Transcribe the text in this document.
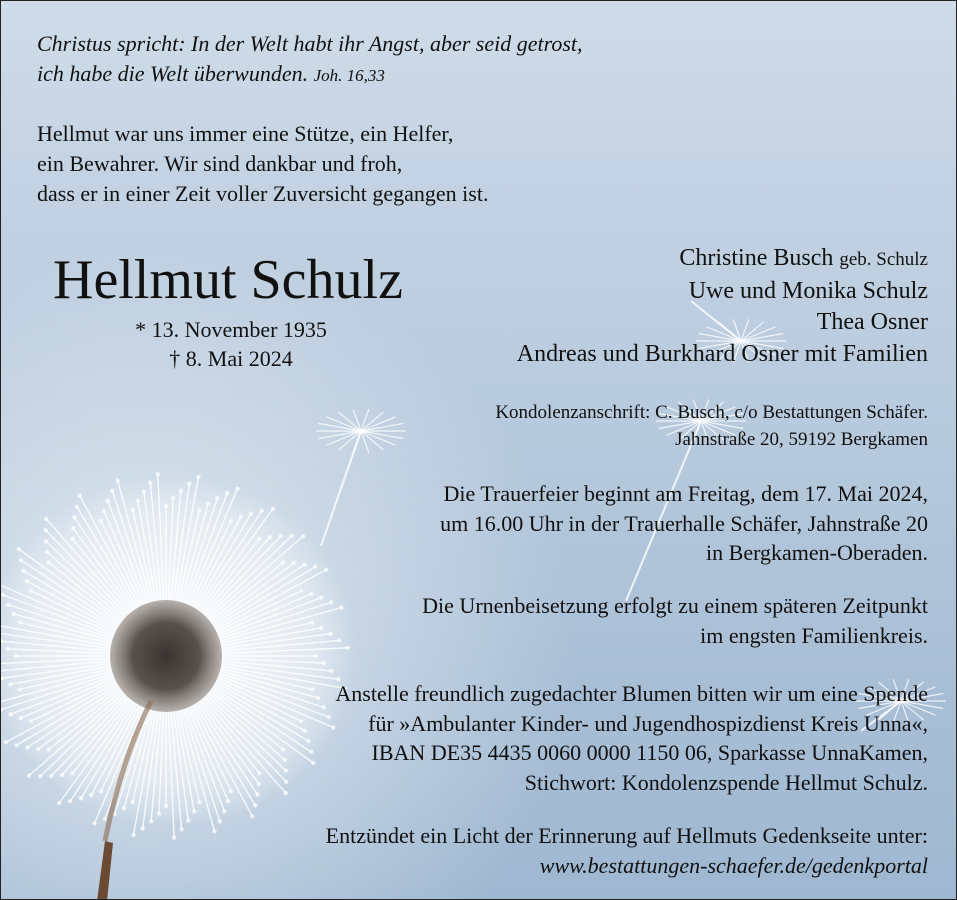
Christus spricht: In der Welt habt ihr Angst, aber seid getrost,
ich habe die Welt überwunden. Joh. 16,33
Hellmut war uns immer eine Stütze, ein Helfer,
ein Bewahrer. Wir sind dankbar und froh,
dass er in einer Zeit voller Zuversicht gegangen ist.
Hellmut Schulz
* 13. November 1935
† 8. Mai 2024
Christine Busch geb. Schulz
Uwe und Monika Schulz
Thea Osner
Andreas und Burkhard Osner mit Familien
Kondolenzanschrift: C. Busch, c/o Bestattungen Schäfer.
Jahnstraße 20, 59192 Bergkamen
Die Trauerfeier beginnt am Freitag, dem 17. Mai 2024,
um 16.00 Uhr in der Trauerhalle Schäfer, Jahnstraße 20
in Bergkamen-Oberaden.
Die Urnenbeisetzung erfolgt zu einem späteren Zeitpunkt
im engsten Familienkreis.
Anstelle freundlich zugedachter Blumen bitten wir um eine Spende
für »Ambulanter Kinder- und Jugendhospizdienst Kreis Unna«,
IBAN DE35 4435 0060 0000 1150 06, Sparkasse UnnaKamen,
Stichwort: Kondolenzspende Hellmut Schulz.
Entzündet ein Licht der Erinnerung auf Hellmuts Gedenkseite unter:
www.bestattungen-schaefer.de/gedenkportal
